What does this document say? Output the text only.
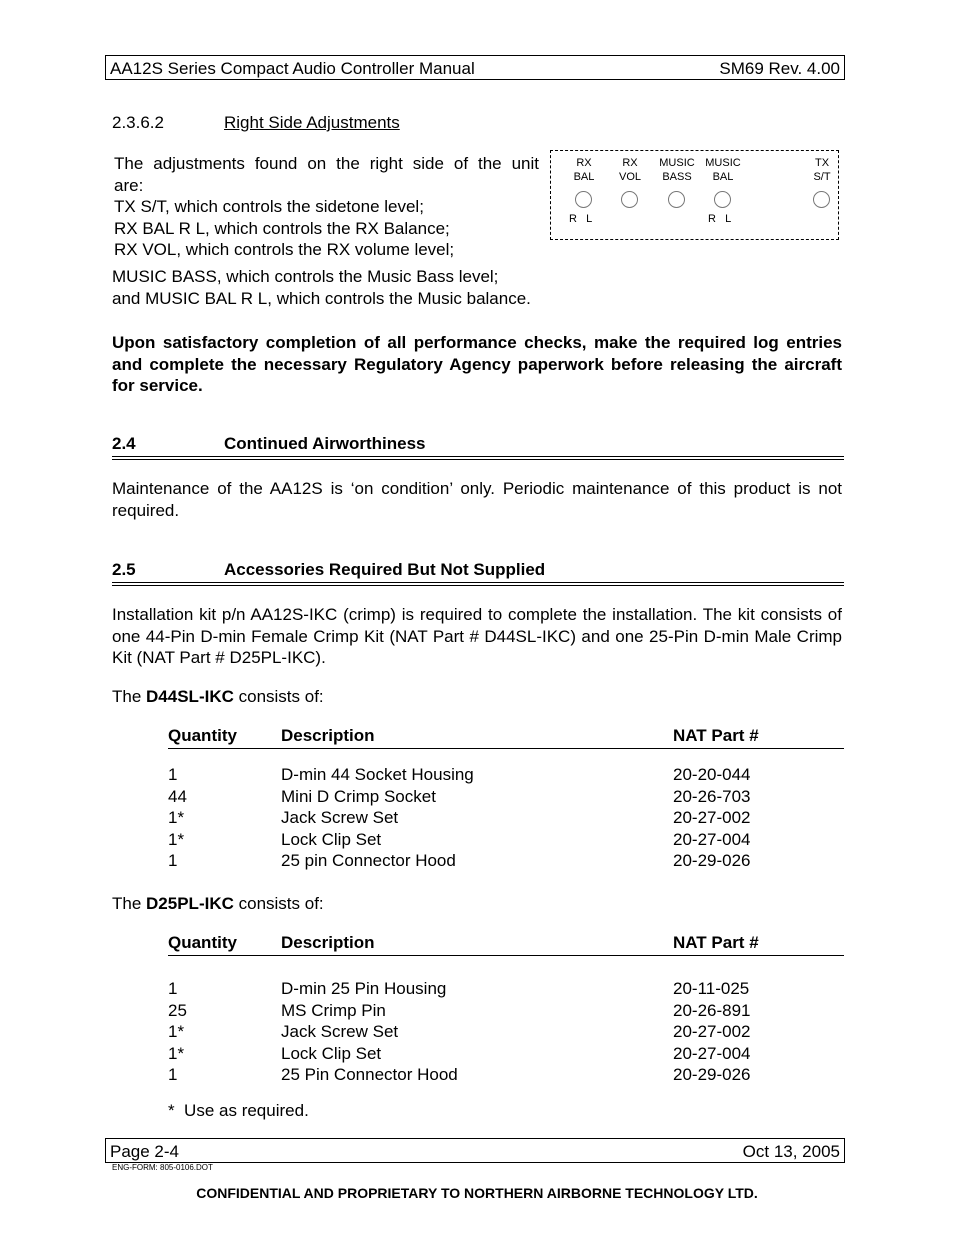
AA12S Series Compact Audio Controller Manual	SM69 Rev. 4.00
2.3.6.2	Right Side Adjustments
The adjustments found on the right side of the unit
are:
TX S/T, which controls the sidetone level;
RX BAL R L, which controls the RX Balance;
RX VOL, which controls the RX volume level;
MUSIC BASS, which controls the Music Bass level;
and MUSIC BAL R L, which controls the Music balance.
RX
BAL
RX
VOL
MUSIC
BASS
MUSIC
BAL
TX
S/T
R   L	R   L
Upon satisfactory completion of all performance checks, make the required log entries and complete the necessary Regulatory Agency paperwork before releasing the aircraft for service.
2.4	Continued Airworthiness
Maintenance of the AA12S is ‘on condition’ only. Periodic maintenance of this product is not required.
2.5	Accessories Required But Not Supplied
Installation kit p/n AA12S-IKC (crimp) is required to complete the installation. The kit consists of one 44-Pin D-min Female Crimp Kit (NAT Part # D44SL-IKC) and one 25-Pin D-min Male Crimp Kit (NAT Part # D25PL-IKC).
The D44SL-IKC consists of:
Quantity	Description	NAT Part #
1	D-min 44 Socket Housing	20-20-044
44	Mini D Crimp Socket	20-26-703
1*	Jack Screw Set	20-27-002
1*	Lock Clip Set	20-27-004
1	25 pin Connector Hood	20-29-026
The D25PL-IKC consists of:
Quantity	Description	NAT Part #
1	D-min 25 Pin Housing	20-11-025
25	MS Crimp Pin	20-26-891
1*	Jack Screw Set	20-27-002
1*	Lock Clip Set	20-27-004
1	25 Pin Connector Hood	20-29-026
*  Use as required.
Page 2-4	Oct 13, 2005
ENG-FORM: 805-0106.DOT
CONFIDENTIAL AND PROPRIETARY TO NORTHERN AIRBORNE TECHNOLOGY LTD.
